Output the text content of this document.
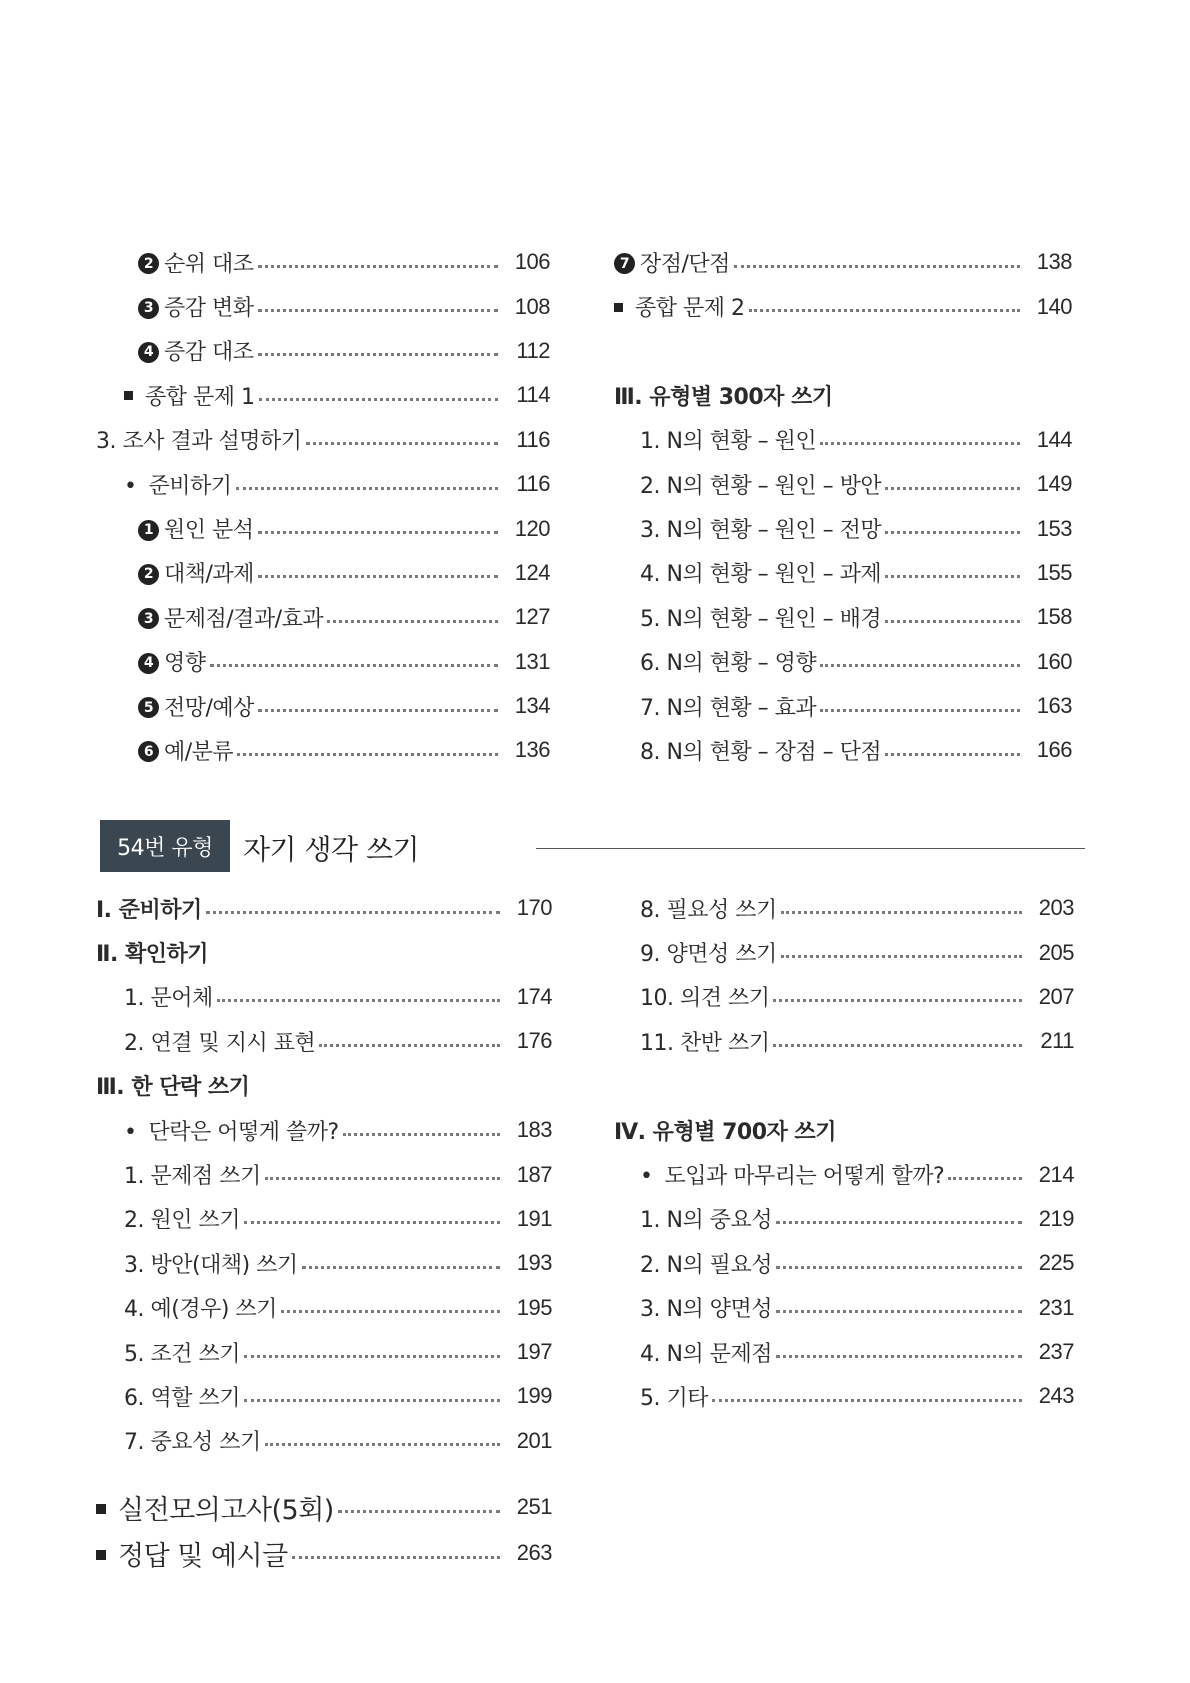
2 순위 대조	106
3 증감 변화	108
4 증감 대조	112
종합 문제 1	114
3. 조사 결과 설명하기	116
• 준비하기	116
1 원인 분석	120
2 대책/과제	124
3 문제점/결과/효과	127
4 영향	131
5 전망/예상	134
6 예/분류	136
7 장점/단점	138
종합 문제 2	140
Ⅲ. 유형별 300자 쓰기
1. N의 현황 – 원인	144
2. N의 현황 – 원인 – 방안	149
3. N의 현황 – 원인 – 전망	153
4. N의 현황 – 원인 – 과제	155
5. N의 현황 – 원인 – 배경	158
6. N의 현황 – 영향	160
7. N의 현황 – 효과	163
8. N의 현황 – 장점 – 단점	166
54번 유형	자기 생각 쓰기
Ⅰ. 준비하기	170
Ⅱ. 확인하기
1. 문어체	174
2. 연결 및 지시 표현	176
Ⅲ. 한 단락 쓰기
• 단락은 어떻게 쓸까?	183
1. 문제점 쓰기	187
2. 원인 쓰기	191
3. 방안(대책) 쓰기	193
4. 예(경우) 쓰기	195
5. 조건 쓰기	197
6. 역할 쓰기	199
7. 중요성 쓰기	201
8. 필요성 쓰기	203
9. 양면성 쓰기	205
10. 의견 쓰기	207
11. 찬반 쓰기	211
Ⅳ. 유형별 700자 쓰기
• 도입과 마무리는 어떻게 할까?	214
1. N의 중요성	219
2. N의 필요성	225
3. N의 양면성	231
4. N의 문제점	237
5. 기타	243
실전모의고사(5회)	251
정답 및 예시글	263
